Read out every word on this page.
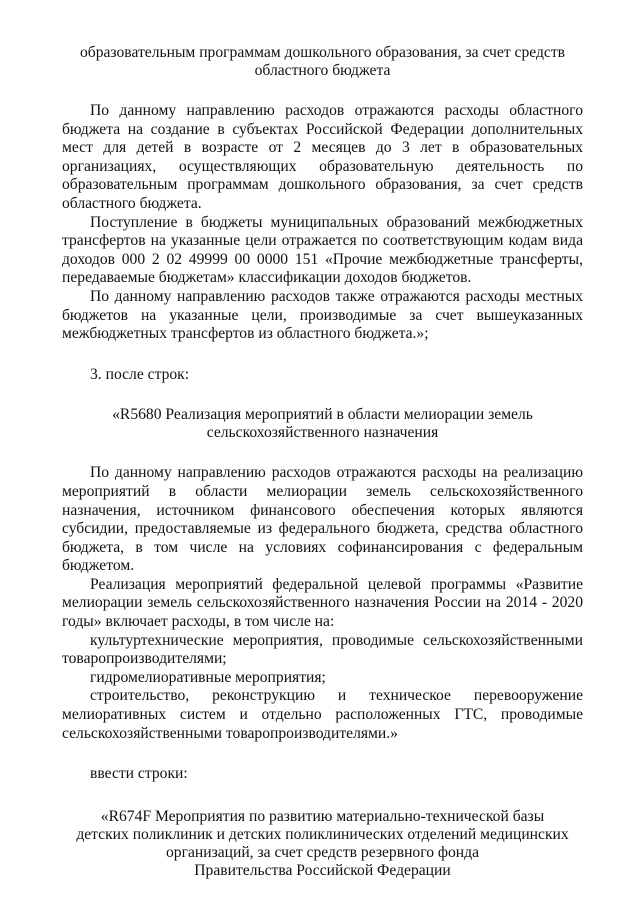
образовательным программам дошкольного образования, за счет средств
областного бюджета

По данному направлению расходов отражаются расходы областного бюджета на создание в субъектах Российской Федерации дополнительных мест для детей в возрасте от 2 месяцев до 3 лет в образовательных организациях, осуществляющих образовательную деятельность по образовательным программам дошкольного образования, за счет средств областного бюджета.

Поступление в бюджеты муниципальных образований межбюджетных трансфертов на указанные цели отражается по соответствующим кодам вида доходов 000 2 02 49999 00 0000 151 «Прочие межбюджетные трансферты, передаваемые бюджетам» классификации доходов бюджетов.

По данному направлению расходов также отражаются расходы местных бюджетов на указанные цели, производимые за счет вышеуказанных межбюджетных трансфертов из областного бюджета.»;

3. после строк:

«R5680 Реализация мероприятий в области мелиорации земель
сельскохозяйственного назначения

По данному направлению расходов отражаются расходы на реализацию мероприятий в области мелиорации земель сельскохозяйственного назначения, источником финансового обеспечения которых являются субсидии, предоставляемые из федерального бюджета, средства областного бюджета, в том числе на условиях софинансирования с федеральным бюджетом.

Реализация мероприятий федеральной целевой программы «Развитие мелиорации земель сельскохозяйственного назначения России на 2014 - 2020 годы» включает расходы, в том числе на:

культуртехнические мероприятия, проводимые сельскохозяйственными товаропроизводителями;

гидромелиоративные мероприятия;

строительство, реконструкцию и техническое перевооружение мелиоративных систем и отдельно расположенных ГТС, проводимые сельскохозяйственными товаропроизводителями.»

ввести строки:

«R674F Мероприятия по развитию материально-технической базы
детских поликлиник и детских поликлинических отделений медицинских
организаций, за счет средств резервного фонда
Правительства Российской Федерации
